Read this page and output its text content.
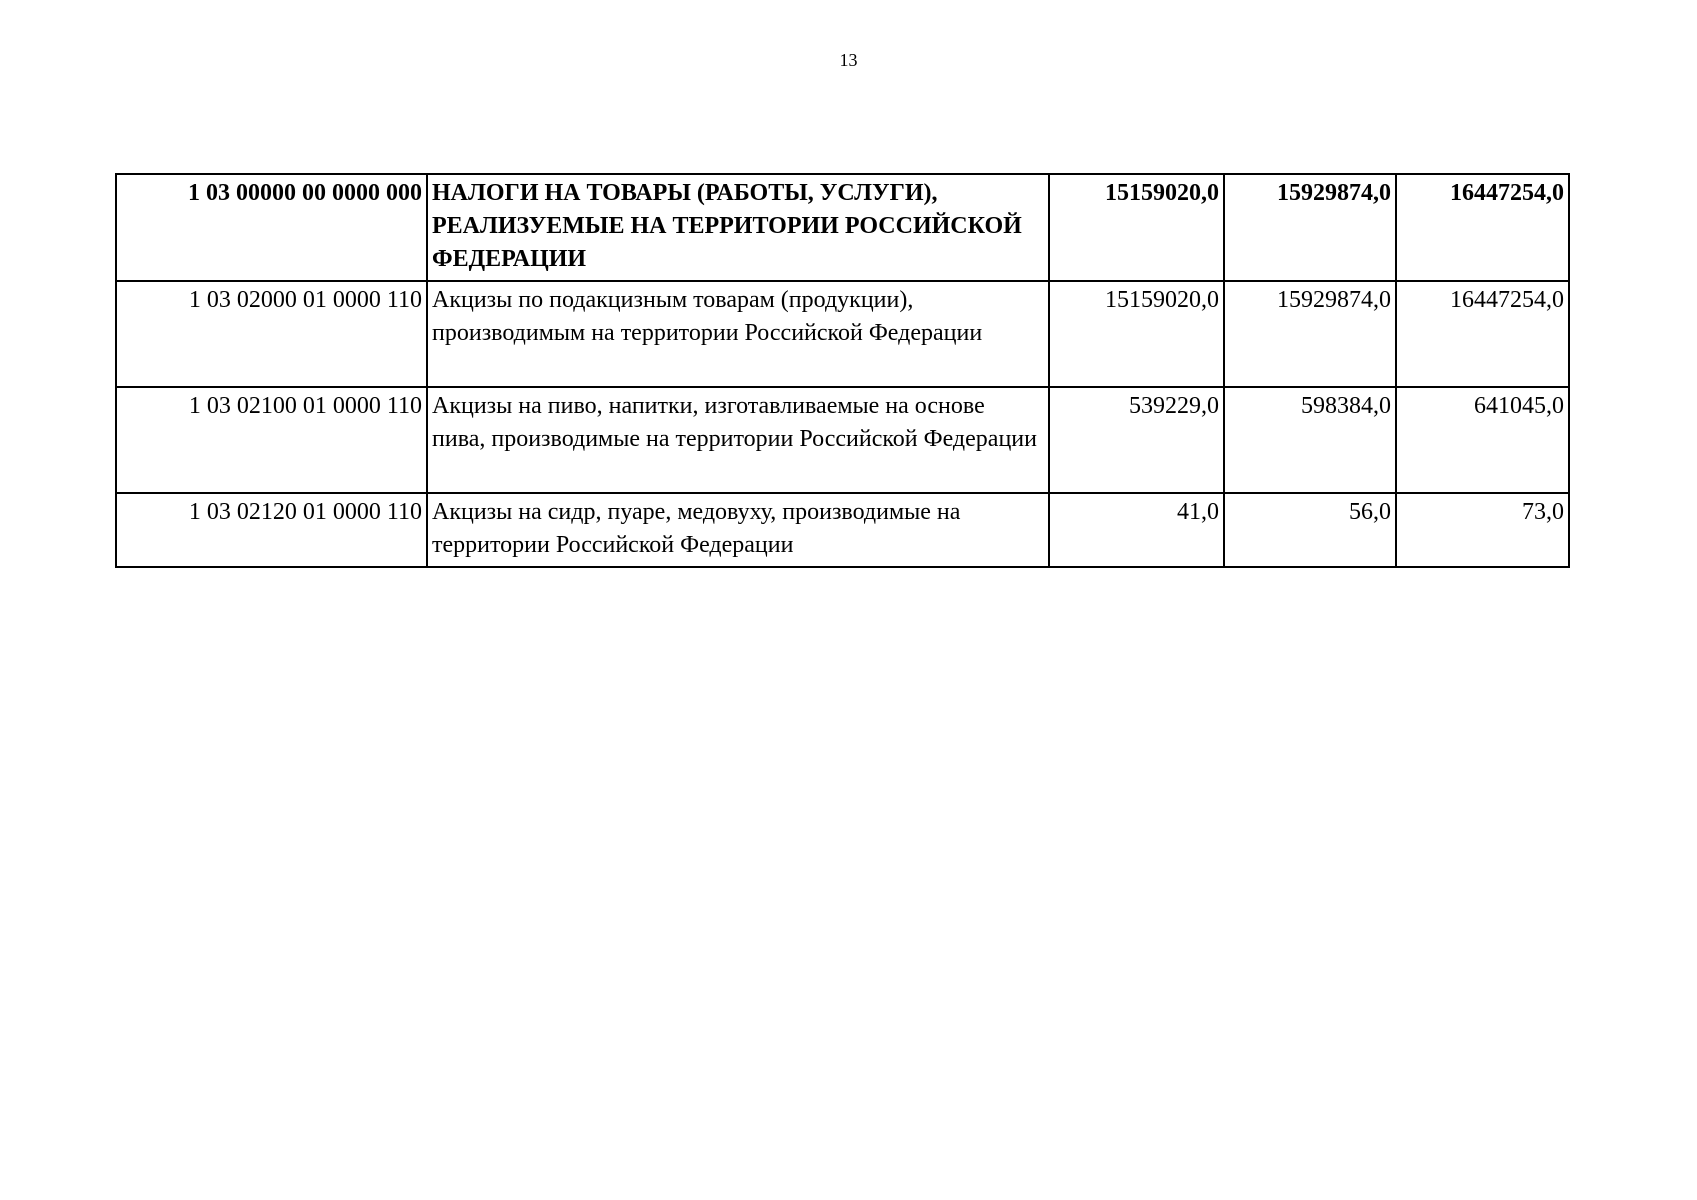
13
1 03 00000 00 0000 000	НАЛОГИ НА ТОВАРЫ (РАБОТЫ, УСЛУГИ), РЕАЛИЗУЕМЫЕ НА ТЕРРИТОРИИ РОССИЙСКОЙ ФЕДЕРАЦИИ	15159020,0	15929874,0	16447254,0
1 03 02000 01 0000 110	Акцизы по подакцизным товарам (продукции), производимым на территории Российской Федерации	15159020,0	15929874,0	16447254,0
1 03 02100 01 0000 110	Акцизы на пиво, напитки, изготавливаемые на основе пива, производимые на территории Российской Федерации	539229,0	598384,0	641045,0
1 03 02120 01 0000 110	Акцизы на сидр, пуаре, медовуху, производимые на территории Российской Федерации	41,0	56,0	73,0
